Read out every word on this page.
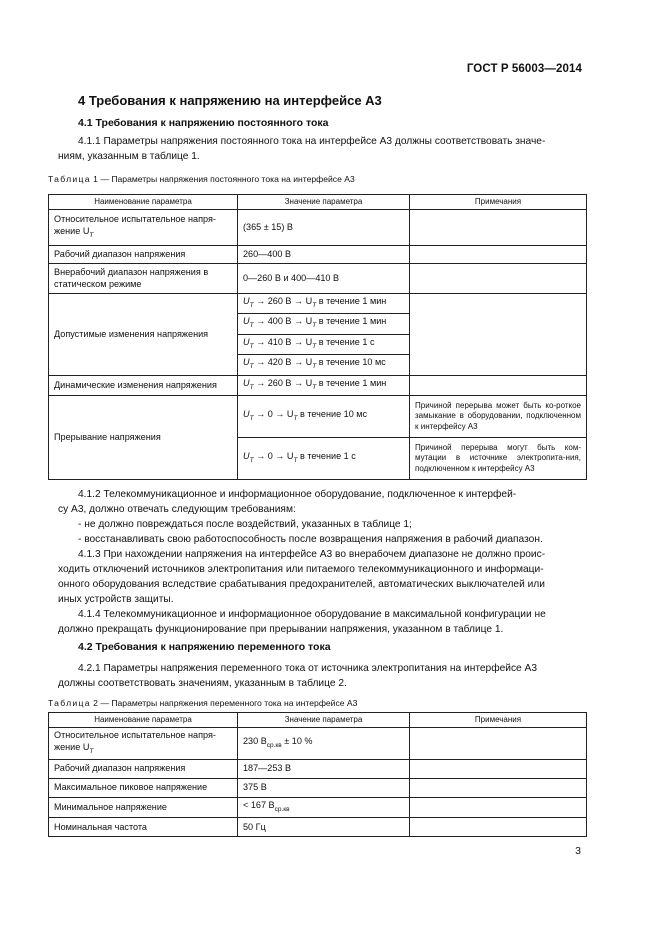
ГОСТ Р 56003—2014
4 Требования к напряжению на интерфейсе A3
4.1 Требования к напряжению постоянного тока
4.1.1 Параметры напряжения постоянного тока на интерфейсе A3 должны соответствовать значе-
ниям, указанным в таблице 1.
Таблица 1 — Параметры напряжения постоянного тока на интерфейсе A3
Наименование параметра	Значение параметра	Примечания
Относительное испытательное напря-
жение $U_T$	(365 ± 15) В	
Рабочий диапазон напряжения	260—400 В	
Внерабочий диапазон напряжения в статическом режиме	0—260 В и 400—410 В	
Допустимые изменения напряжения	$U_T \to 260$ $В \to U_T$ в течение 1 мин	
	$U_T \to 400$ $В \to U_T$ в течение 1 мин	
	$U_T \to 410$ $В \to U_T$ в течение 1 с	
	$U_T \to 420$ $В \to U_T$ в течение 10 мс	
Динамические изменения напряжения	$U_T \to 260$ $В \to U_T$ в течение 1 мин	
Прерывание напряжения	$U_T \to 0 \to U_T$ в течение 10 мс	Причиной перерыва может быть ко-роткое замыкание в оборудовании, подключенном к интерфейсу A3
	$U_T \to 0 \to U_T$ в течение 1 с	Причиной перерыва могут быть ком-мутации в источнике электропита-ния, подключенном к интерфейсу A3
4.1.2 Телекоммуникационное и информационное оборудование, подключенное к интерфей-
су A3, должно отвечать следующим требованиям:
- не должно повреждаться после воздействий, указанных в таблице 1;
- восстанавливать свою работоспособность после возвращения напряжения в рабочий диапазон.
4.1.3 При нахождении напряжения на интерфейсе A3 во внерабочем диапазоне не должно проис-
ходить отключений источников электропитания или питаемого телекоммуникационного и информаци-
онного оборудования вследствие срабатывания предохранителей, автоматических выключателей или
иных устройств защиты.
4.1.4 Телекоммуникационное и информационное оборудование в максимальной конфигурации не
должно прекращать функционирование при прерывании напряжения, указанном в таблице 1.
4.2 Требования к напряжению переменного тока
4.2.1 Параметры напряжения переменного тока от источника электропитания на интерфейсе A3
должны соответствовать значениям, указанным в таблице 2.
Таблица 2 — Параметры напряжения переменного тока на интерфейсе A3
Наименование параметра	Значение параметра	Примечания
Относительное испытательное напря-
жение $U_T$	230 $В_{ср.кв} \pm 10$ %	
Рабочий диапазон напряжения	187—253 В	
Максимальное пиковое напряжение	375 В	
Минимальное напряжение	< 167 $В_{ср.кв}$	
Номинальная частота	50 Гц	
3
